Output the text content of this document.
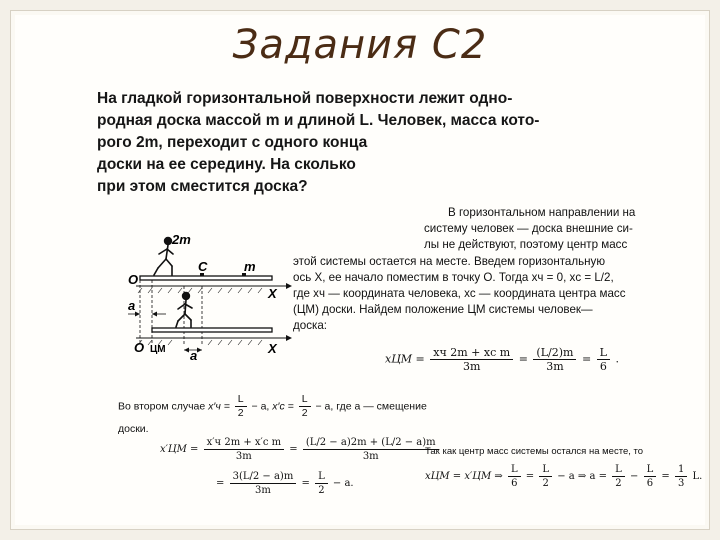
Задания С2
На гладкой горизонтальной поверхности лежит одно-
родная доска массой m и длиной L. Человек, масса кото-
рого 2m, переходит с одного конца
доски на ее середину. На сколько
при этом сместится доска?
2m
C	m
O
X
a
O ЦМ a	X
В горизонтальном направлении на
систему человек — доска внешние си-
лы не действуют, поэтому центр масс
этой системы остается на месте. Введем горизонтальную
ось X, ее начало поместим в точку O. Тогда xч = 0, xс = L/2,
где xч — координата человека, xс — координата центра масс
(ЦМ) доски. Найдем положение ЦМ системы человек—
доска:
xЦМ = $\frac{\text{xч 2m + xс m}}{3m} = \frac{(L/2)m}{3m} = \frac{L}{6}$ .
Во втором случае $x'ч = \frac{L}{2} - a$, $x'с = \frac{L}{2} - a$, где a — смещение
доски.
$x'ЦМ = \frac{\text{x′ч 2m + x′с m}}{3m} = \frac{(L/2 - a)2m + (L/2 - a)m}{3m}$
= $\frac{3(L/2 - a)m}{3m} = \frac{L}{2} - a$.
Так как центр масс системы остался на месте, то
xЦМ = x′ЦМ ⇒ $\frac{L}{6} = \frac{L}{2} - a$ ⇒ $a = \frac{L}{2} - \frac{L}{6} = \frac{1}{3} L$.
